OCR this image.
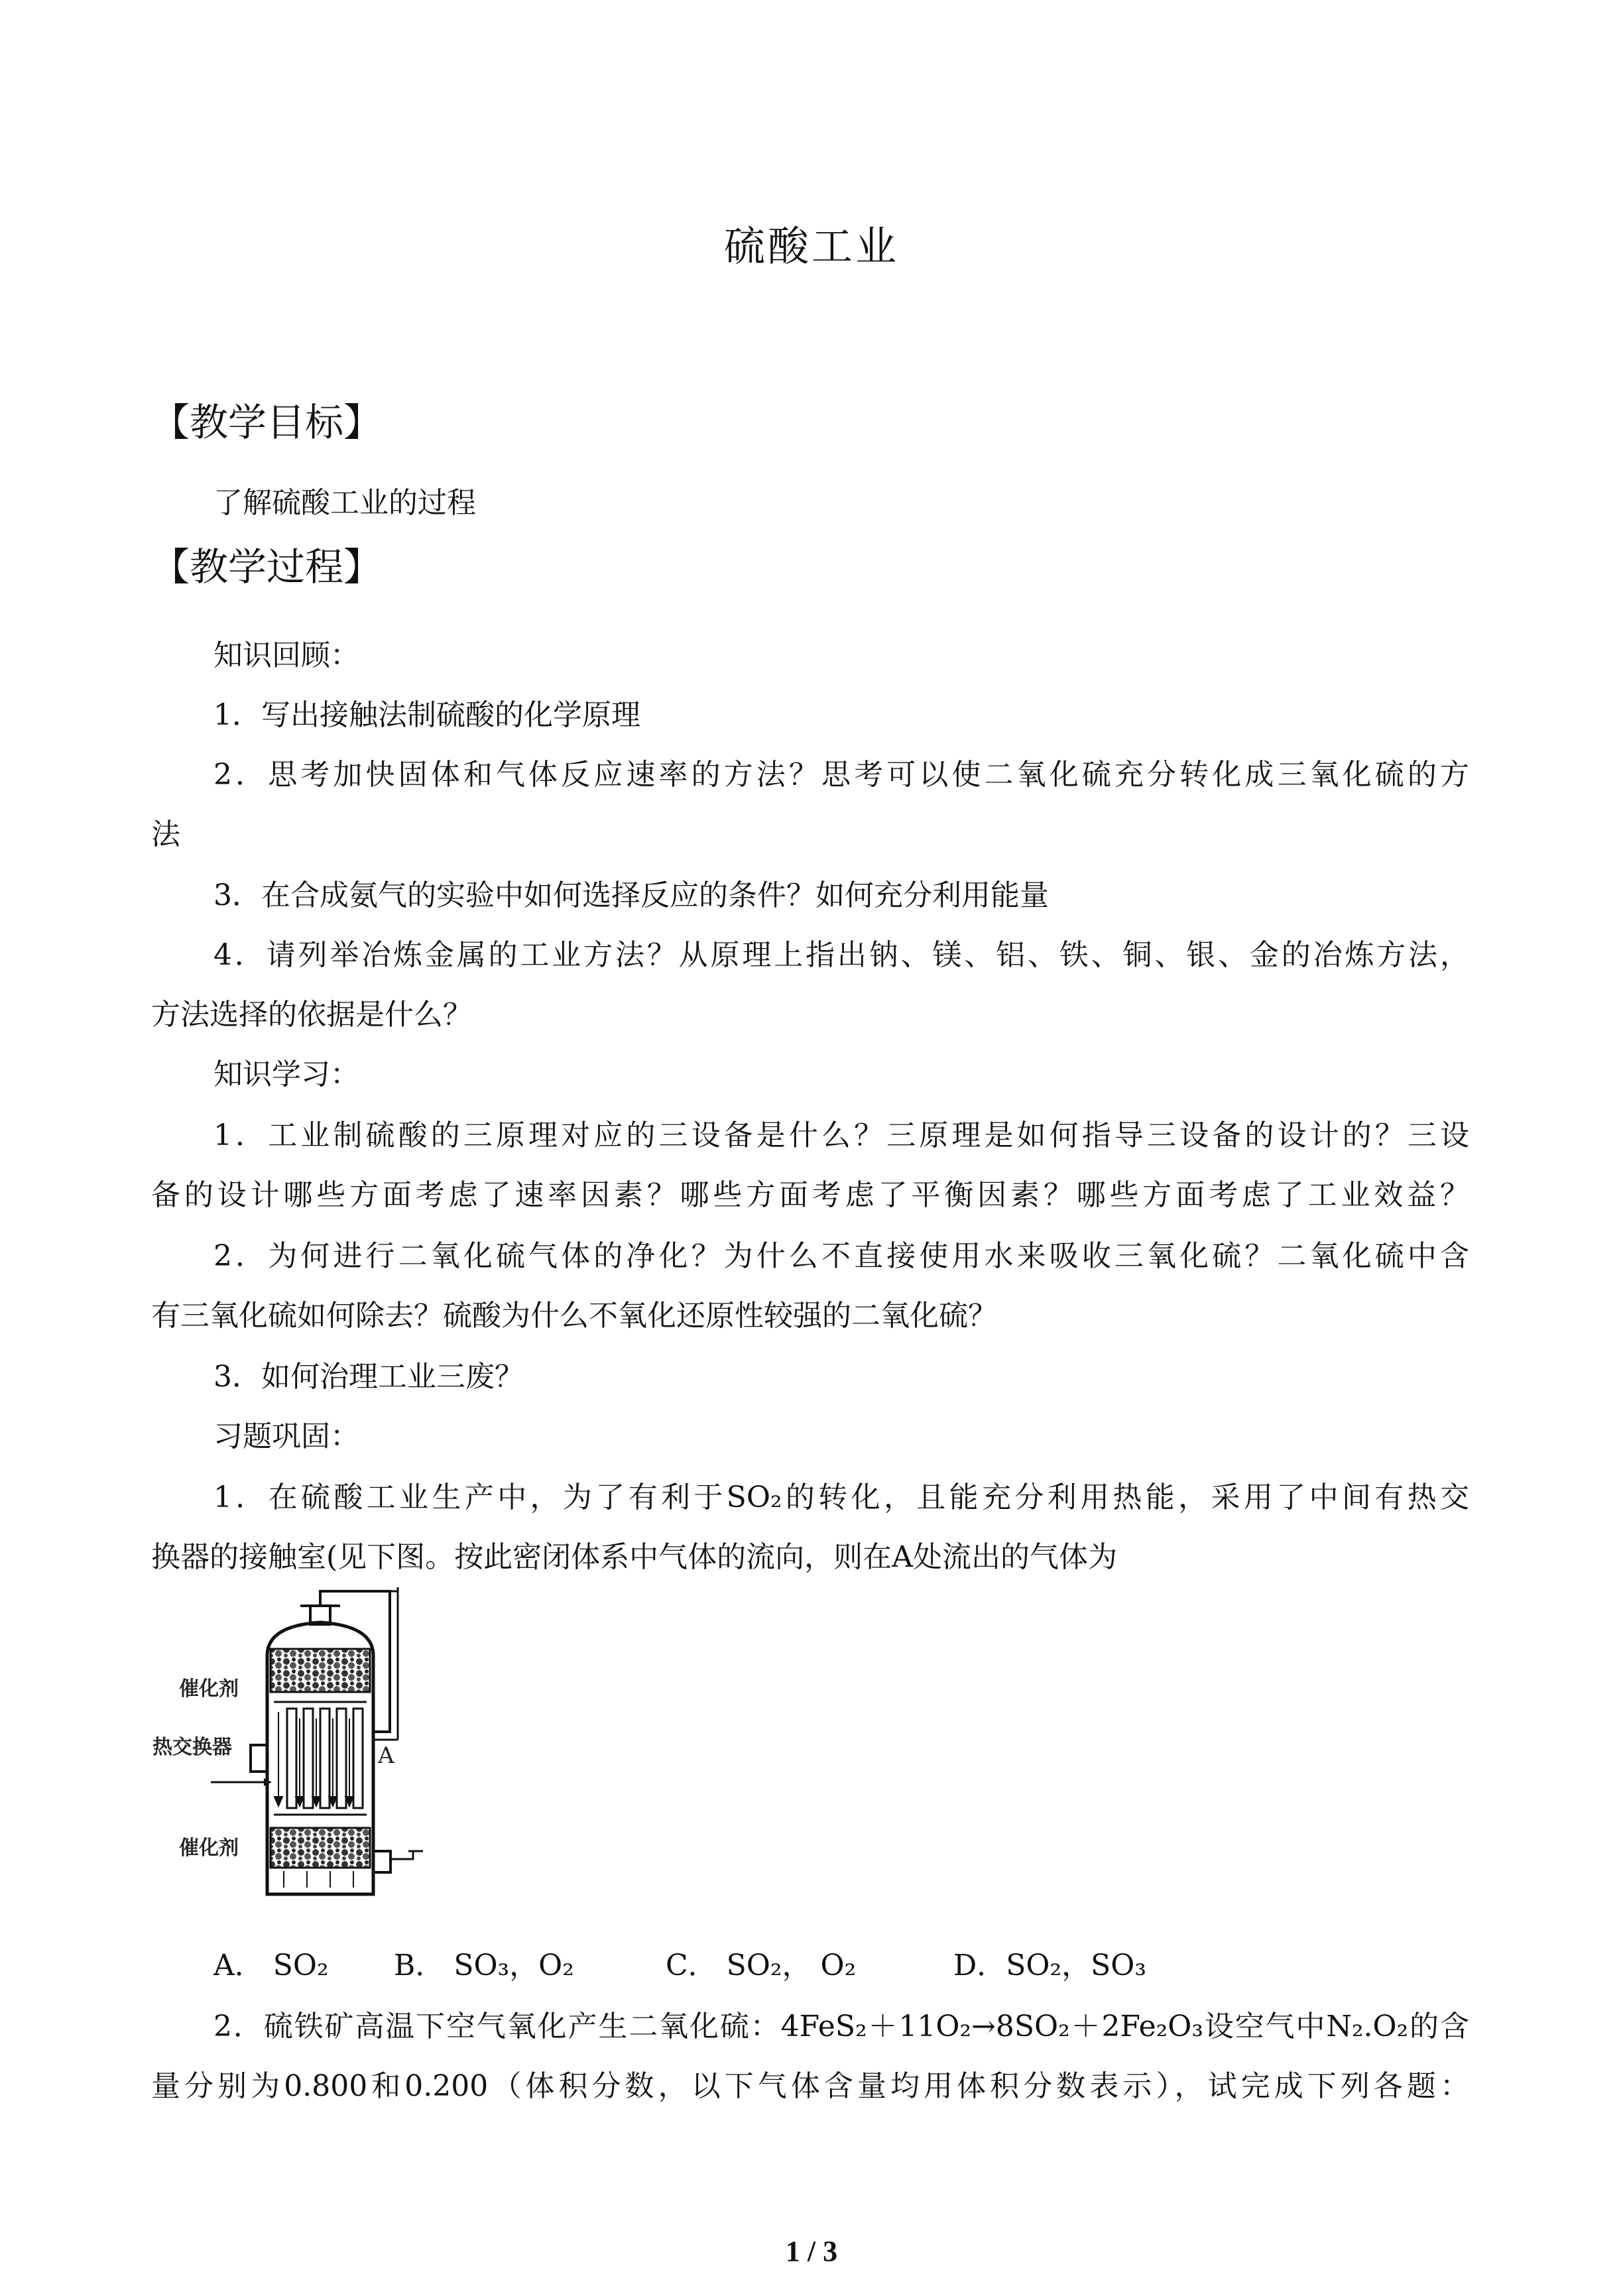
硫酸工业
【教学目标】
了解硫酸工业的过程
【教学过程】
知识回顾：
1．写出接触法制硫酸的化学原理
2．思考加快固体和气体反应速率的方法？思考可以使二氧化硫充分转化成三氧化硫的方
法
3．在合成氨气的实验中如何选择反应的条件？如何充分利用能量
4．请列举冶炼金属的工业方法？从原理上指出钠、镁、铝、铁、铜、银、金的冶炼方法，
方法选择的依据是什么？
知识学习：
1．工业制硫酸的三原理对应的三设备是什么？三原理是如何指导三设备的设计的？三设
备的设计哪些方面考虑了速率因素？哪些方面考虑了平衡因素？哪些方面考虑了工业效益？
2．为何进行二氧化硫气体的净化？为什么不直接使用水来吸收三氧化硫？二氧化硫中含
有三氧化硫如何除去？硫酸为什么不氧化还原性较强的二氧化硫？
3．如何治理工业三废？
习题巩固：
1．在硫酸工业生产中，为了有利于SO₂的转化，且能充分利用热能，采用了中间有热交
换器的接触室(见下图。按此密闭体系中气体的流向，则在A处流出的气体为
催化剂
热交换器
催化剂
A
A． SO₂ B． SO₃，O₂	C． SO₂， O₂	D．SO₂，SO₃
2．硫铁矿高温下空气氧化产生二氧化硫：4FeS₂＋11O₂→8SO₂＋2Fe₂O₃设空气中N₂.O₂的含
量分别为0.800和0.200（体积分数，以下气体含量均用体积分数表示），试完成下列各题：
1 / 3
